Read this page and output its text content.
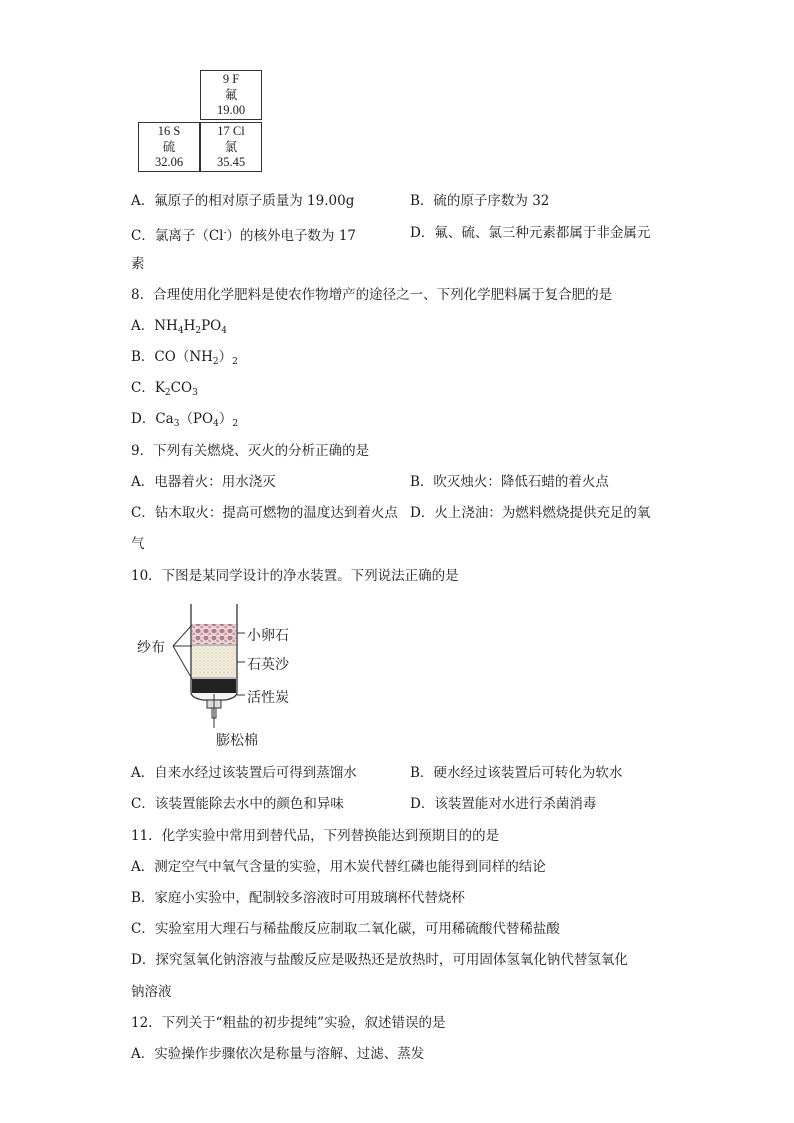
9 F
氟
19.00
16 S
硫
32.06
17 Cl
氯
35.45
A．氟原子的相对原子质量为 19.00g	B．硫的原子序数为 32
C．氯离子（Cl-）的核外电子数为 17	D．氟、硫、氯三种元素都属于非金属元
素
8．合理使用化学肥料是使农作物增产的途径之一、下列化学肥料属于复合肥的是
A．$NH_4H_2PO_4$
B．$CO(NH_2)_2$
C．$K_2CO_3$
D．$Ca_3(PO_4)_2$
9．下列有关燃烧、灭火的分析正确的是
A．电器着火：用水浇灭	B．吹灭烛火：降低石蜡的着火点
C．钻木取火：提高可燃物的温度达到着火点 D．火上浇油：为燃料燃烧提供充足的氧
气
10．下图是某同学设计的净水装置。下列说法正确的是
纱布
小卵石
石英沙
活性炭
膨松棉
A．自来水经过该装置后可得到蒸馏水	B．硬水经过该装置后可转化为软水
C．该装置能除去水中的颜色和异味	D．该装置能对水进行杀菌消毒
11．化学实验中常用到替代品，下列替换能达到预期目的的是
A．测定空气中氧气含量的实验，用木炭代替红磷也能得到同样的结论
B．家庭小实验中，配制较多溶液时可用玻璃杯代替烧杯
C．实验室用大理石与稀盐酸反应制取二氧化碳，可用稀硫酸代替稀盐酸
D．探究氢氧化钠溶液与盐酸反应是吸热还是放热时，可用固体氢氧化钠代替氢氧化
钠溶液
12．下列关于“粗盐的初步提纯”实验，叙述错误的是
A．实验操作步骤依次是称量与溶解、过滤、蒸发
